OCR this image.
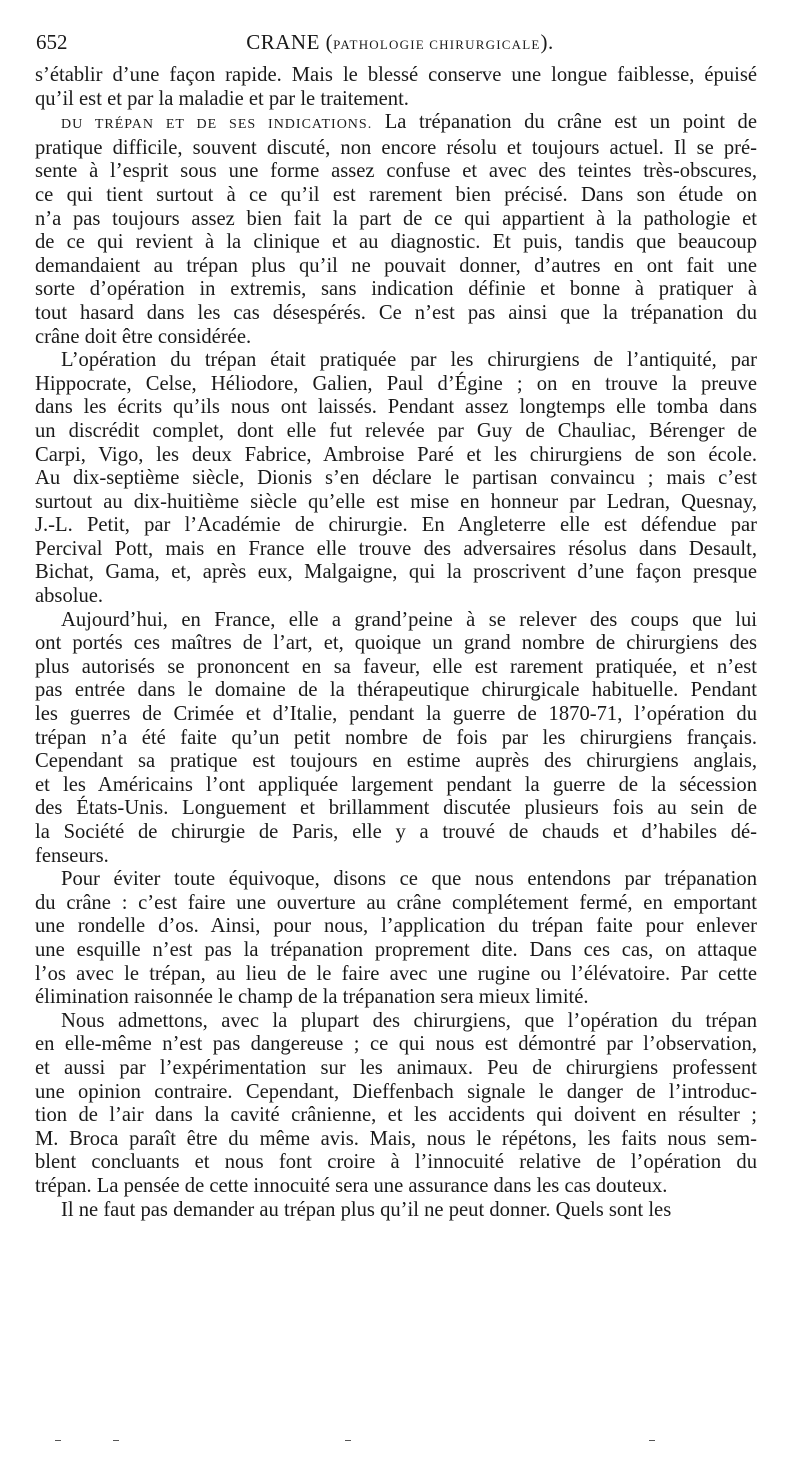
652	CRANE (PATHOLOGIE CHIRURGICALE).

s’établir d’une façon rapide. Mais le blessé conserve une longue faiblesse, épuisé

qu’il est et par la maladie et par le traitement.

DU TRÉPAN ET DE SES INDICATIONS. La trépanation du crâne est un point de

pratique difficile, souvent discuté, non encore résolu et toujours actuel. Il se pré-

sente à l’esprit sous une forme assez confuse et avec des teintes très-obscures,

ce qui tient surtout à ce qu’il est rarement bien précisé. Dans son étude on

n’a pas toujours assez bien fait la part de ce qui appartient à la pathologie et

de ce qui revient à la clinique et au diagnostic. Et puis, tandis que beaucoup

demandaient au trépan plus qu’il ne pouvait donner, d’autres en ont fait une

sorte d’opération in extremis, sans indication définie et bonne à pratiquer à

tout hasard dans les cas désespérés. Ce n’est pas ainsi que la trépanation du

crâne doit être considérée.

L’opération du trépan était pratiquée par les chirurgiens de l’antiquité, par

Hippocrate, Celse, Héliodore, Galien, Paul d’Égine ; on en trouve la preuve

dans les écrits qu’ils nous ont laissés. Pendant assez longtemps elle tomba dans

un discrédit complet, dont elle fut relevée par Guy de Chauliac, Bérenger de

Carpi, Vigo, les deux Fabrice, Ambroise Paré et les chirurgiens de son école.

Au dix-septième siècle, Dionis s’en déclare le partisan convaincu ; mais c’est

surtout au dix-huitième siècle qu’elle est mise en honneur par Ledran, Quesnay,

J.-L. Petit, par l’Académie de chirurgie. En Angleterre elle est défendue par

Percival Pott, mais en France elle trouve des adversaires résolus dans Desault,

Bichat, Gama, et, après eux, Malgaigne, qui la proscrivent d’une façon presque

absolue.

Aujourd’hui, en France, elle a grand’peine à se relever des coups que lui

ont portés ces maîtres de l’art, et, quoique un grand nombre de chirurgiens des

plus autorisés se prononcent en sa faveur, elle est rarement pratiquée, et n’est

pas entrée dans le domaine de la thérapeutique chirurgicale habituelle. Pendant

les guerres de Crimée et d’Italie, pendant la guerre de 1870-71, l’opération du

trépan n’a été faite qu’un petit nombre de fois par les chirurgiens français.

Cependant sa pratique est toujours en estime auprès des chirurgiens anglais,

et les Américains l’ont appliquée largement pendant la guerre de la sécession

des États-Unis. Longuement et brillamment discutée plusieurs fois au sein de

la Société de chirurgie de Paris, elle y a trouvé de chauds et d’habiles dé-

fenseurs.

Pour éviter toute équivoque, disons ce que nous entendons par trépanation

du crâne : c’est faire une ouverture au crâne complétement fermé, en emportant

une rondelle d’os. Ainsi, pour nous, l’application du trépan faite pour enlever

une esquille n’est pas la trépanation proprement dite. Dans ces cas, on attaque

l’os avec le trépan, au lieu de le faire avec une rugine ou l’élévatoire. Par cette

élimination raisonnée le champ de la trépanation sera mieux limité.

Nous admettons, avec la plupart des chirurgiens, que l’opération du trépan

en elle-même n’est pas dangereuse ; ce qui nous est démontré par l’observation,

et aussi par l’expérimentation sur les animaux. Peu de chirurgiens professent

une opinion contraire. Cependant, Dieffenbach signale le danger de l’introduc-

tion de l’air dans la cavité crânienne, et les accidents qui doivent en résulter ;

M. Broca paraît être du même avis. Mais, nous le répétons, les faits nous sem-

blent concluants et nous font croire à l’innocuité relative de l’opération du

trépan. La pensée de cette innocuité sera une assurance dans les cas douteux.

Il ne faut pas demander au trépan plus qu’il ne peut donner. Quels sont les
